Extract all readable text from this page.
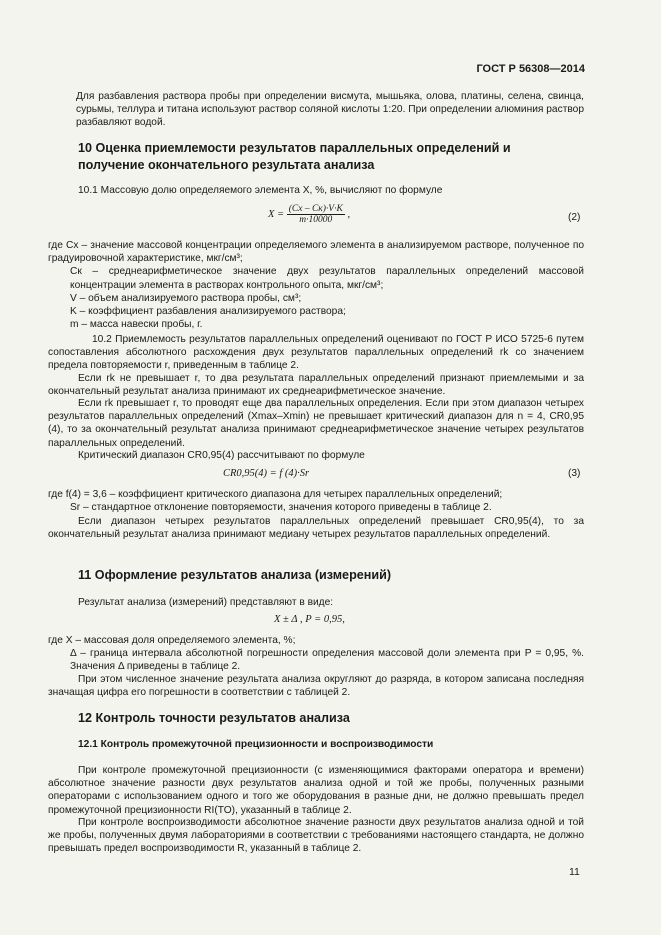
ГОСТ Р 56308—2014
Для разбавления раствора пробы при определении висмута, мышьяка, олова, платины, селена, свинца, сурьмы, теллура и титана используют раствор соляной кислоты 1:20. При определении алюминия раствор разбавляют водой.
10 Оценка приемлемости результатов параллельных определений и
получение окончательного результата анализа
10.1 Массовую долю определяемого элемента X, %, вычисляют по формуле
$X = \frac{(Cx - Cк)\cdot V\cdot K}{m\cdot 10000}$ ,	(2)
где Cx – значение массовой концентрации определяемого элемента в анализируемом растворе, полученное по градуировочной характеристике, мкг/см³;
Cк – среднеарифметическое значение двух результатов параллельных определений массовой концентрации элемента в растворах контрольного опыта, мкг/см³;
V – объем анализируемого раствора пробы, см³;
K – коэффициент разбавления анализируемого раствора;
m – масса навески пробы, г.
10.2 Приемлемость результатов параллельных определений оценивают по ГОСТ Р ИСО 5725-6 путем сопоставления абсолютного расхождения двух результатов параллельных определений rk со значением предела повторяемости r, приведенным в таблице 2.
Если rk не превышает r, то два результата параллельных определений признают приемлемыми и за окончательный результат анализа принимают их среднеарифметическое значение.
Если rk превышает r, то проводят еще два параллельных определения. Если при этом диапазон четырех результатов параллельных определений (Xmax–Xmin) не превышает критический диапазон для n = 4, CR0,95 (4), то за окончательный результат анализа принимают среднеарифметическое значение четырех результатов параллельных определений.
Критический диапазон CR0,95(4) рассчитывают по формуле
CR0,95(4) = f (4)·Sr	(3)
где f(4) = 3,6 – коэффициент критического диапазона для четырех параллельных определений;
Sr – стандартное отклонение повторяемости, значения которого приведены в таблице 2.
Если диапазон четырех результатов параллельных определений превышает CR0,95(4), то за окончательный результат анализа принимают медиану четырех результатов параллельных определений.
11 Оформление результатов анализа (измерений)
Результат анализа (измерений) представляют в виде:
X ± Δ , P = 0,95,
где X – массовая доля определяемого элемента, %;
Δ – граница интервала абсолютной погрешности определения массовой доли элемента при P = 0,95, %. Значения Δ приведены в таблице 2.
При этом численное значение результата анализа округляют до разряда, в котором записана последняя значащая цифра его погрешности в соответствии с таблицей 2.
12 Контроль точности результатов анализа
12.1 Контроль промежуточной прецизионности и воспроизводимости
При контроле промежуточной прецизионности (с изменяющимися факторами оператора и времени) абсолютное значение разности двух результатов анализа одной и той же пробы, полученных разными операторами с использованием одного и того же оборудования в разные дни, не должно превышать предел промежуточной прецизионности RI(TO), указанный в таблице 2.
При контроле воспроизводимости абсолютное значение разности двух результатов анализа одной и той же пробы, полученных двумя лабораториями в соответствии с требованиями настоящего стандарта, не должно превышать предел воспроизводимости R, указанный в таблице 2.
11
